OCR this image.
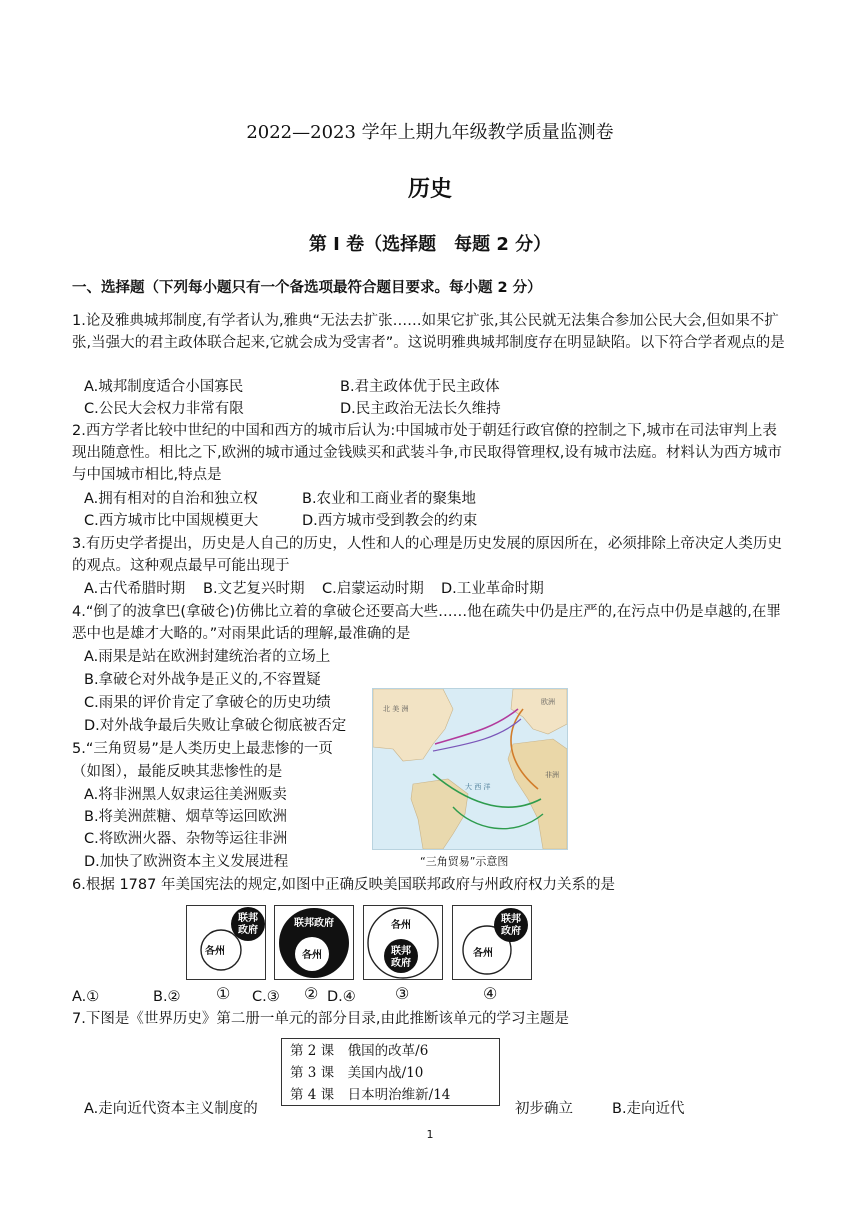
2022—2023 学年上期九年级教学质量监测卷
历史
第 I 卷（选择题　每题 2 分）
一、选择题（下列每小题只有一个备选项最符合题目要求。每小题 2 分）
1.论及雅典城邦制度,有学者认为,雅典“无法去扩张……如果它扩张,其公民就无法集合参加公民大会,但如果不扩张,当强大的君主政体联合起来,它就会成为受害者”。这说明雅典城邦制度存在明显缺陷。以下符合学者观点的是
A.城邦制度适合小国寡民	B.君主政体优于民主政体
C.公民大会权力非常有限	D.民主政治无法长久维持
2.西方学者比较中世纪的中国和西方的城市后认为:中国城市处于朝廷行政官僚的控制之下,城市在司法审判上表现出随意性。相比之下,欧洲的城市通过金钱赎买和武装斗争,市民取得管理权,设有城市法庭。材料认为西方城市与中国城市相比,特点是
A.拥有相对的自治和独立权	B.农业和工商业者的聚集地
C.西方城市比中国规模更大	D.西方城市受到教会的约束
3.有历史学者提出，历史是人自己的历史，人性和人的心理是历史发展的原因所在，必须排除上帝决定人类历史的观点。这种观点最早可能出现于
A.古代希腊时期 B.文艺复兴时期 C.启蒙运动时期 D.工业革命时期
4.“倒了的波拿巴(拿破仑)仿佛比立着的拿破仑还要高大些……他在疏失中仍是庄严的,在污点中仍是卓越的,在罪恶中也是雄才大略的。”对雨果此话的理解,最准确的是
A.雨果是站在欧洲封建统治者的立场上
B.拿破仑对外战争是正义的,不容置疑
C.雨果的评价肯定了拿破仑的历史功绩
D.对外战争最后失败让拿破仑彻底被否定
5.“三角贸易”是人类历史上最悲惨的一页
（如图），最能反映其悲惨性的是
A.将非洲黑人奴隶运往美洲贩卖
B.将美洲蔗糖、烟草等运回欧洲
C.将欧洲火器、杂物等运往非洲
D.加快了欧洲资本主义发展进程
北 美 洲
欧洲
非洲
大 西 洋
“三角贸易”示意图
6.根据 1787 年美国宪法的规定,如图中正确反映美国联邦政府与州政府权力关系的是
联邦
政府
各州
联邦政府
各州
各州
联邦
政府
联邦
政府
各州
①	②	③	④
A.①	B.②	C.③	D.④
7.下图是《世界历史》第二册一单元的部分目录,由此推断该单元的学习主题是
第 2 课　俄国的改革/6
第 3 课　美国内战/10
第 4 课　日本明治维新/14
A.走向近代资本主义制度的	初步确立	B.走向近代
1
